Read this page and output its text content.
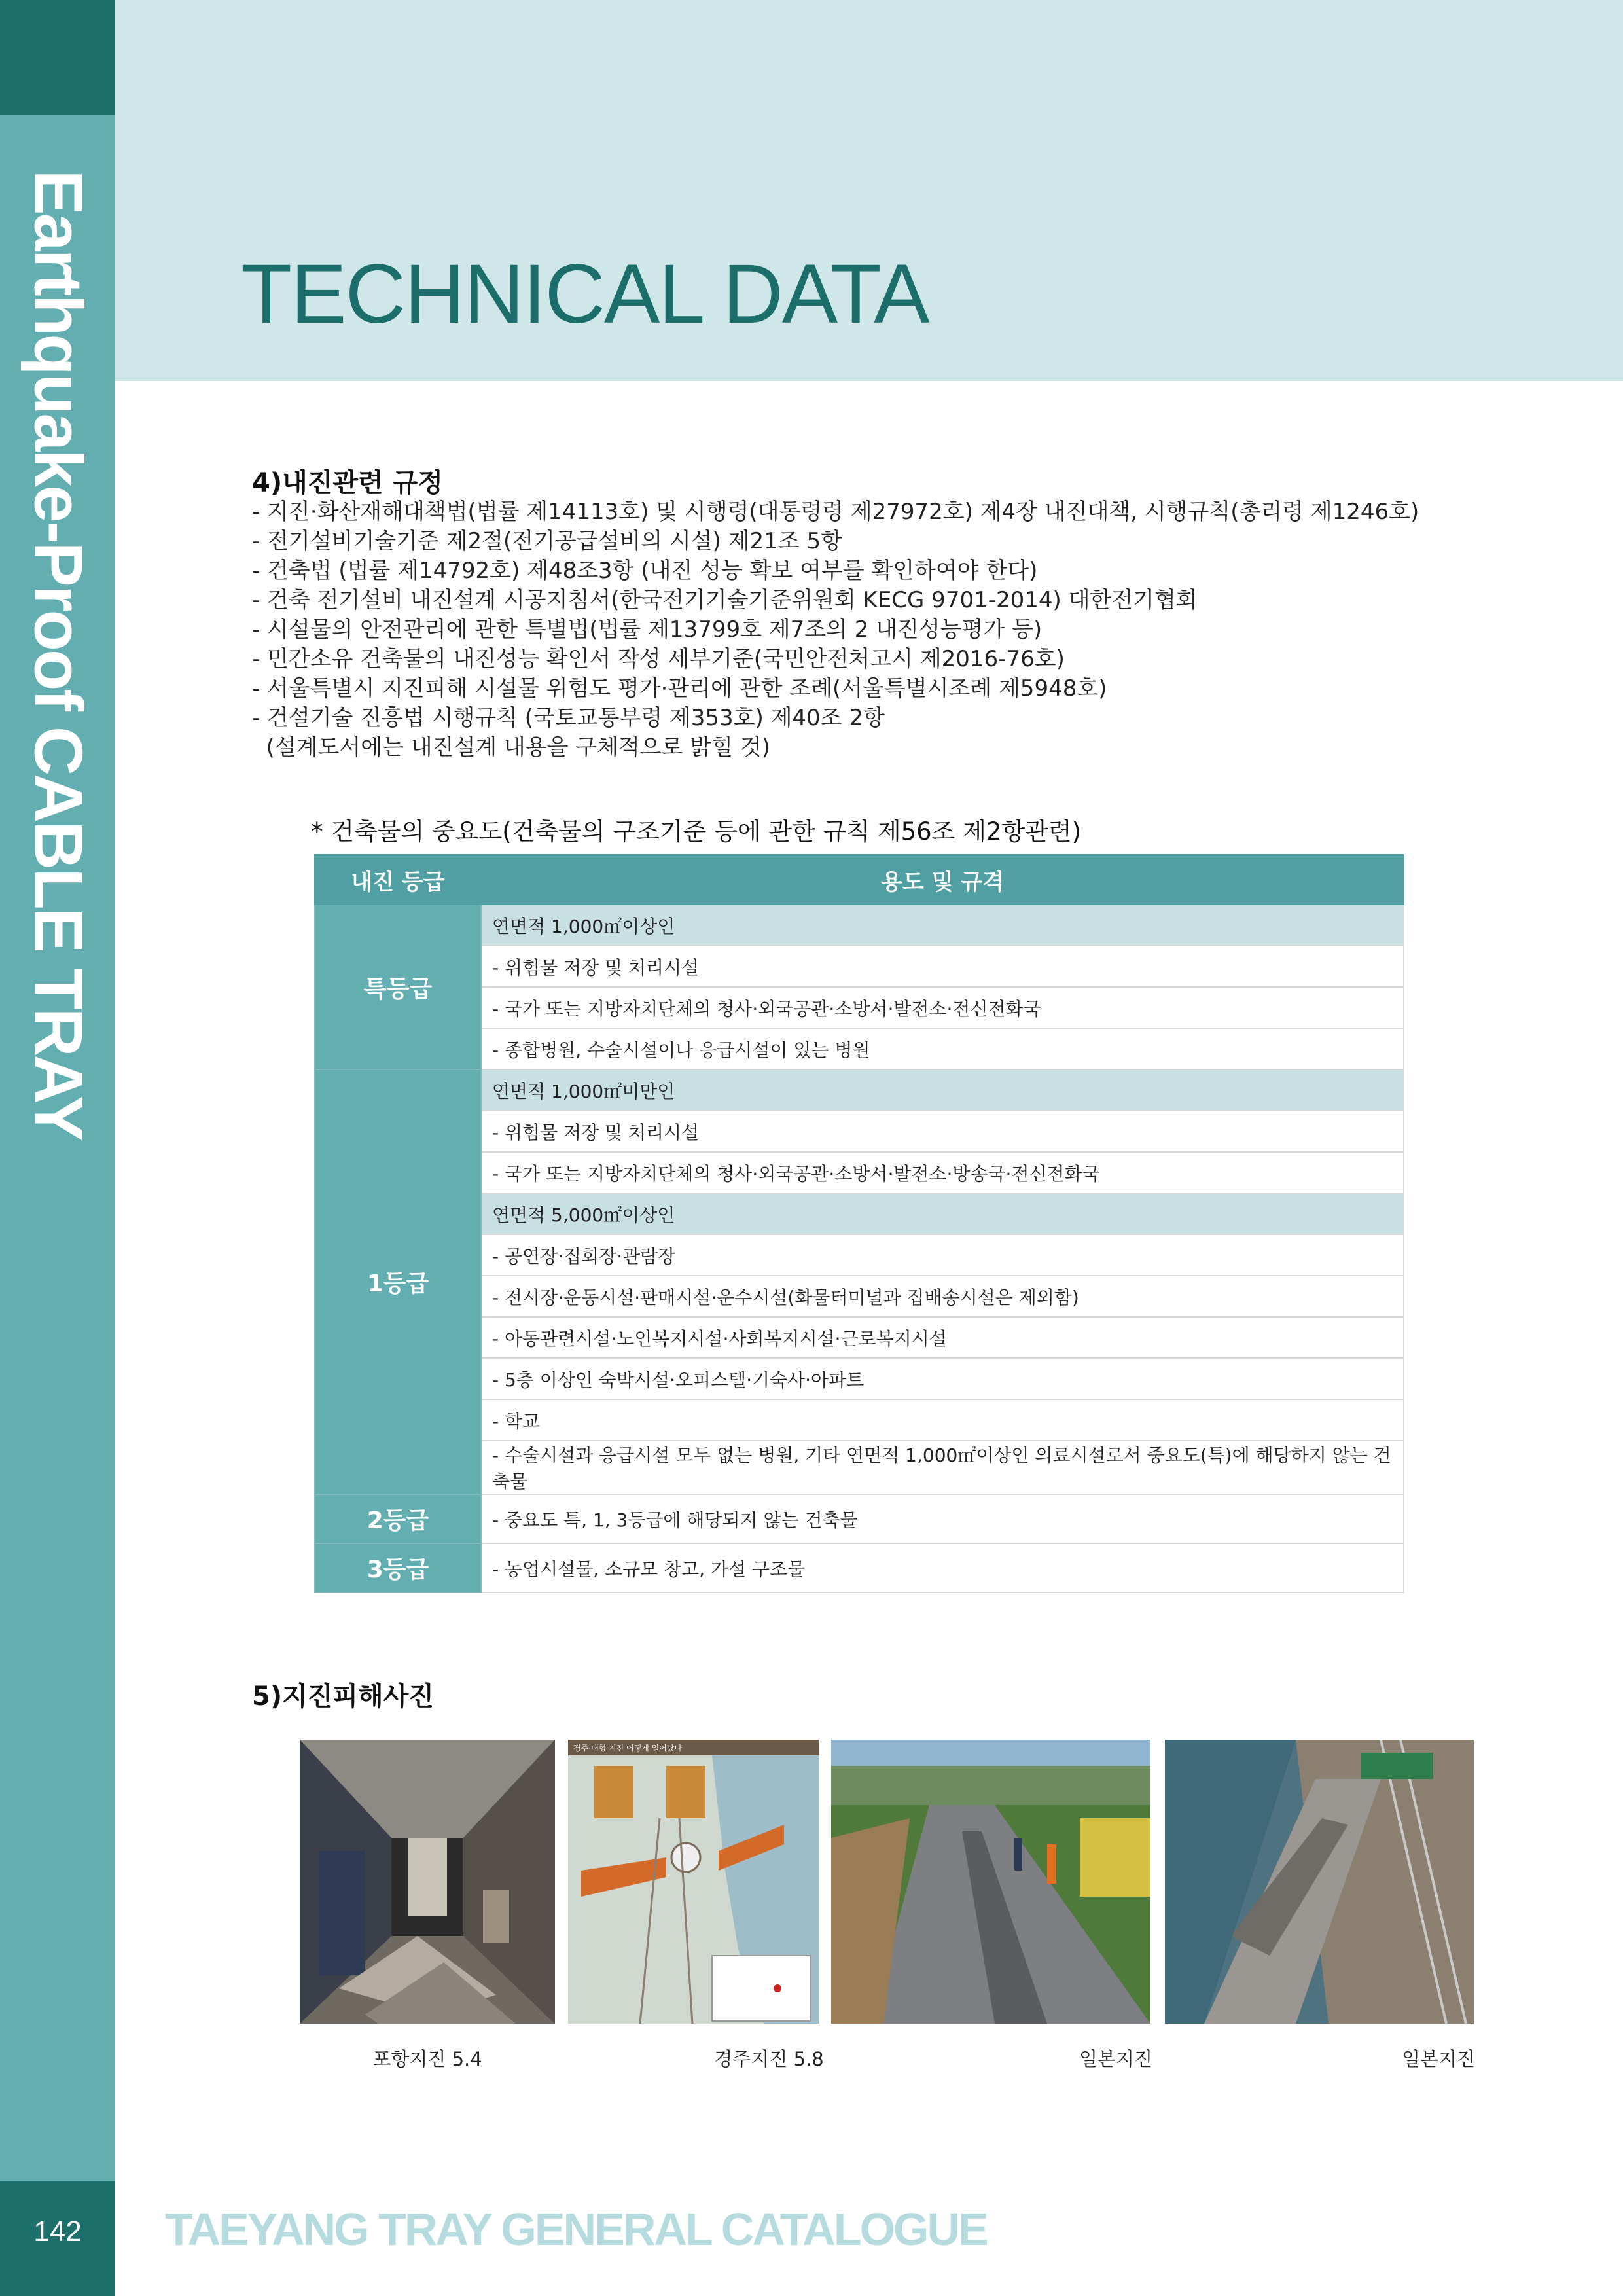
Earthquake-Proof CABLE TRAY
142
TECHNICAL DATA
4)내진관련 규정
- 지진·화산재해대책법(법률 제14113호) 및 시행령(대통령령 제27972호) 제4장 내진대책, 시행규칙(총리령 제1246호)
- 전기설비기술기준 제2절(전기공급설비의 시설) 제21조 5항
- 건축법 (법률 제14792호) 제48조3항 (내진 성능 확보 여부를 확인하여야 한다)
- 건축 전기설비 내진설계 시공지침서(한국전기기술기준위원회 KECG 9701-2014) 대한전기협회
- 시설물의 안전관리에 관한 특별법(법률 제13799호 제7조의 2 내진성능평가 등)
- 민간소유 건축물의 내진성능 확인서 작성 세부기준(국민안전처고시 제2016-76호)
- 서울특별시 지진피해 시설물 위험도 평가·관리에 관한 조례(서울특별시조례 제5948호)
- 건설기술 진흥법 시행규칙 (국토교통부령 제353호) 제40조 2항
(설계도서에는 내진설계 내용을 구체적으로 밝힐 것)

* 건축물의 중요도(건축물의 구조기준 등에 관한 규칙 제56조 제2항관련)

내진 등급	용도 및 규격
특등급	연면적 1,000㎡이상인
	- 위험물 저장 및 처리시설
	- 국가 또는 지방자치단체의 청사·외국공관·소방서·발전소·전신전화국
	- 종합병원, 수술시설이나 응급시설이 있는 병원
1등급	연면적 1,000㎡미만인
	- 위험물 저장 및 처리시설
	- 국가 또는 지방자치단체의 청사·외국공관·소방서·발전소·방송국·전신전화국
	연면적 5,000㎡이상인
	- 공연장·집회장·관람장
	- 전시장·운동시설·판매시설·운수시설(화물터미널과 집배송시설은 제외함)
	- 아동관련시설·노인복지시설·사회복지시설·근로복지시설
	- 5층 이상인 숙박시설·오피스텔·기숙사·아파트
	- 학교
	- 수술시설과 응급시설 모두 없는 병원, 기타 연면적 1,000㎡이상인 의료시설로서 중요도(특)에 해당하지 않는 건축물
2등급	- 중요도 특, 1, 3등급에 해당되지 않는 건축물
3등급	- 농업시설물, 소규모 창고, 가설 구조물
5)지진피해사진
경주·대형 지진 어떻게 일어났나
포항지진 5.4	경주지진 5.8	일본지진	일본지진
TAEYANG TRAY GENERAL CATALOGUE
